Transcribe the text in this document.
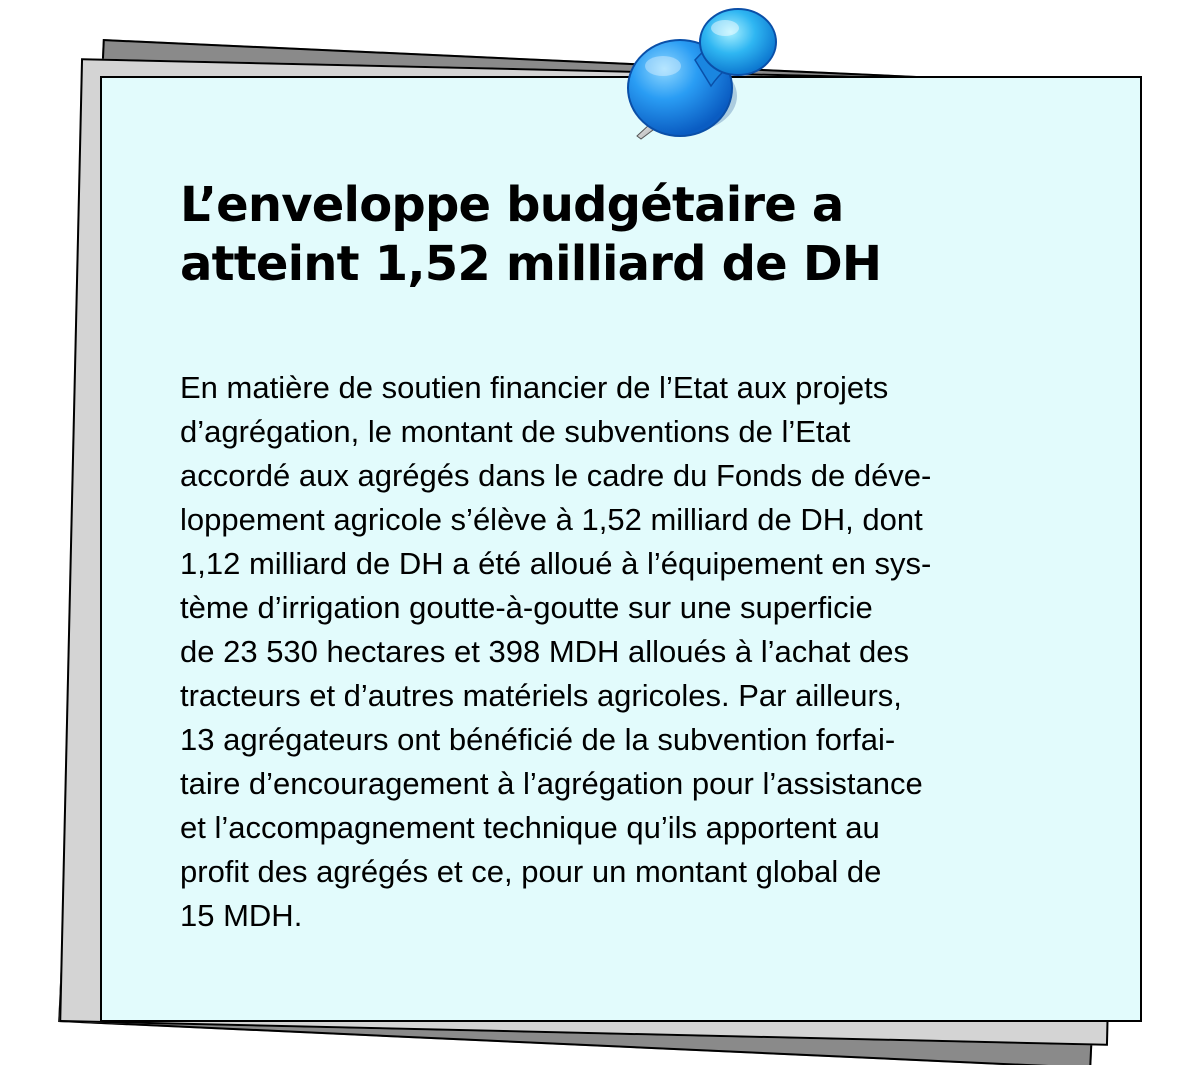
L’enveloppe budgétaire a
atteint 1,52 milliard de DH

En matière de soutien financier de l’Etat aux projets
d’agrégation, le montant de subventions de l’Etat
accordé aux agrégés dans le cadre du Fonds de déve-
loppement agricole s’élève à 1,52 milliard de DH, dont
1,12 milliard de DH a été alloué à l’équipement en sys-
tème d’irrigation goutte-à-goutte sur une superficie
de 23 530 hectares et 398 MDH alloués à l’achat des
tracteurs et d’autres matériels agricoles. Par ailleurs,
13 agrégateurs ont bénéficié de la subvention forfai-
taire d’encouragement à l’agrégation pour l’assistance
et l’accompagnement technique qu’ils apportent au
profit des agrégés et ce, pour un montant global de
15 MDH.
